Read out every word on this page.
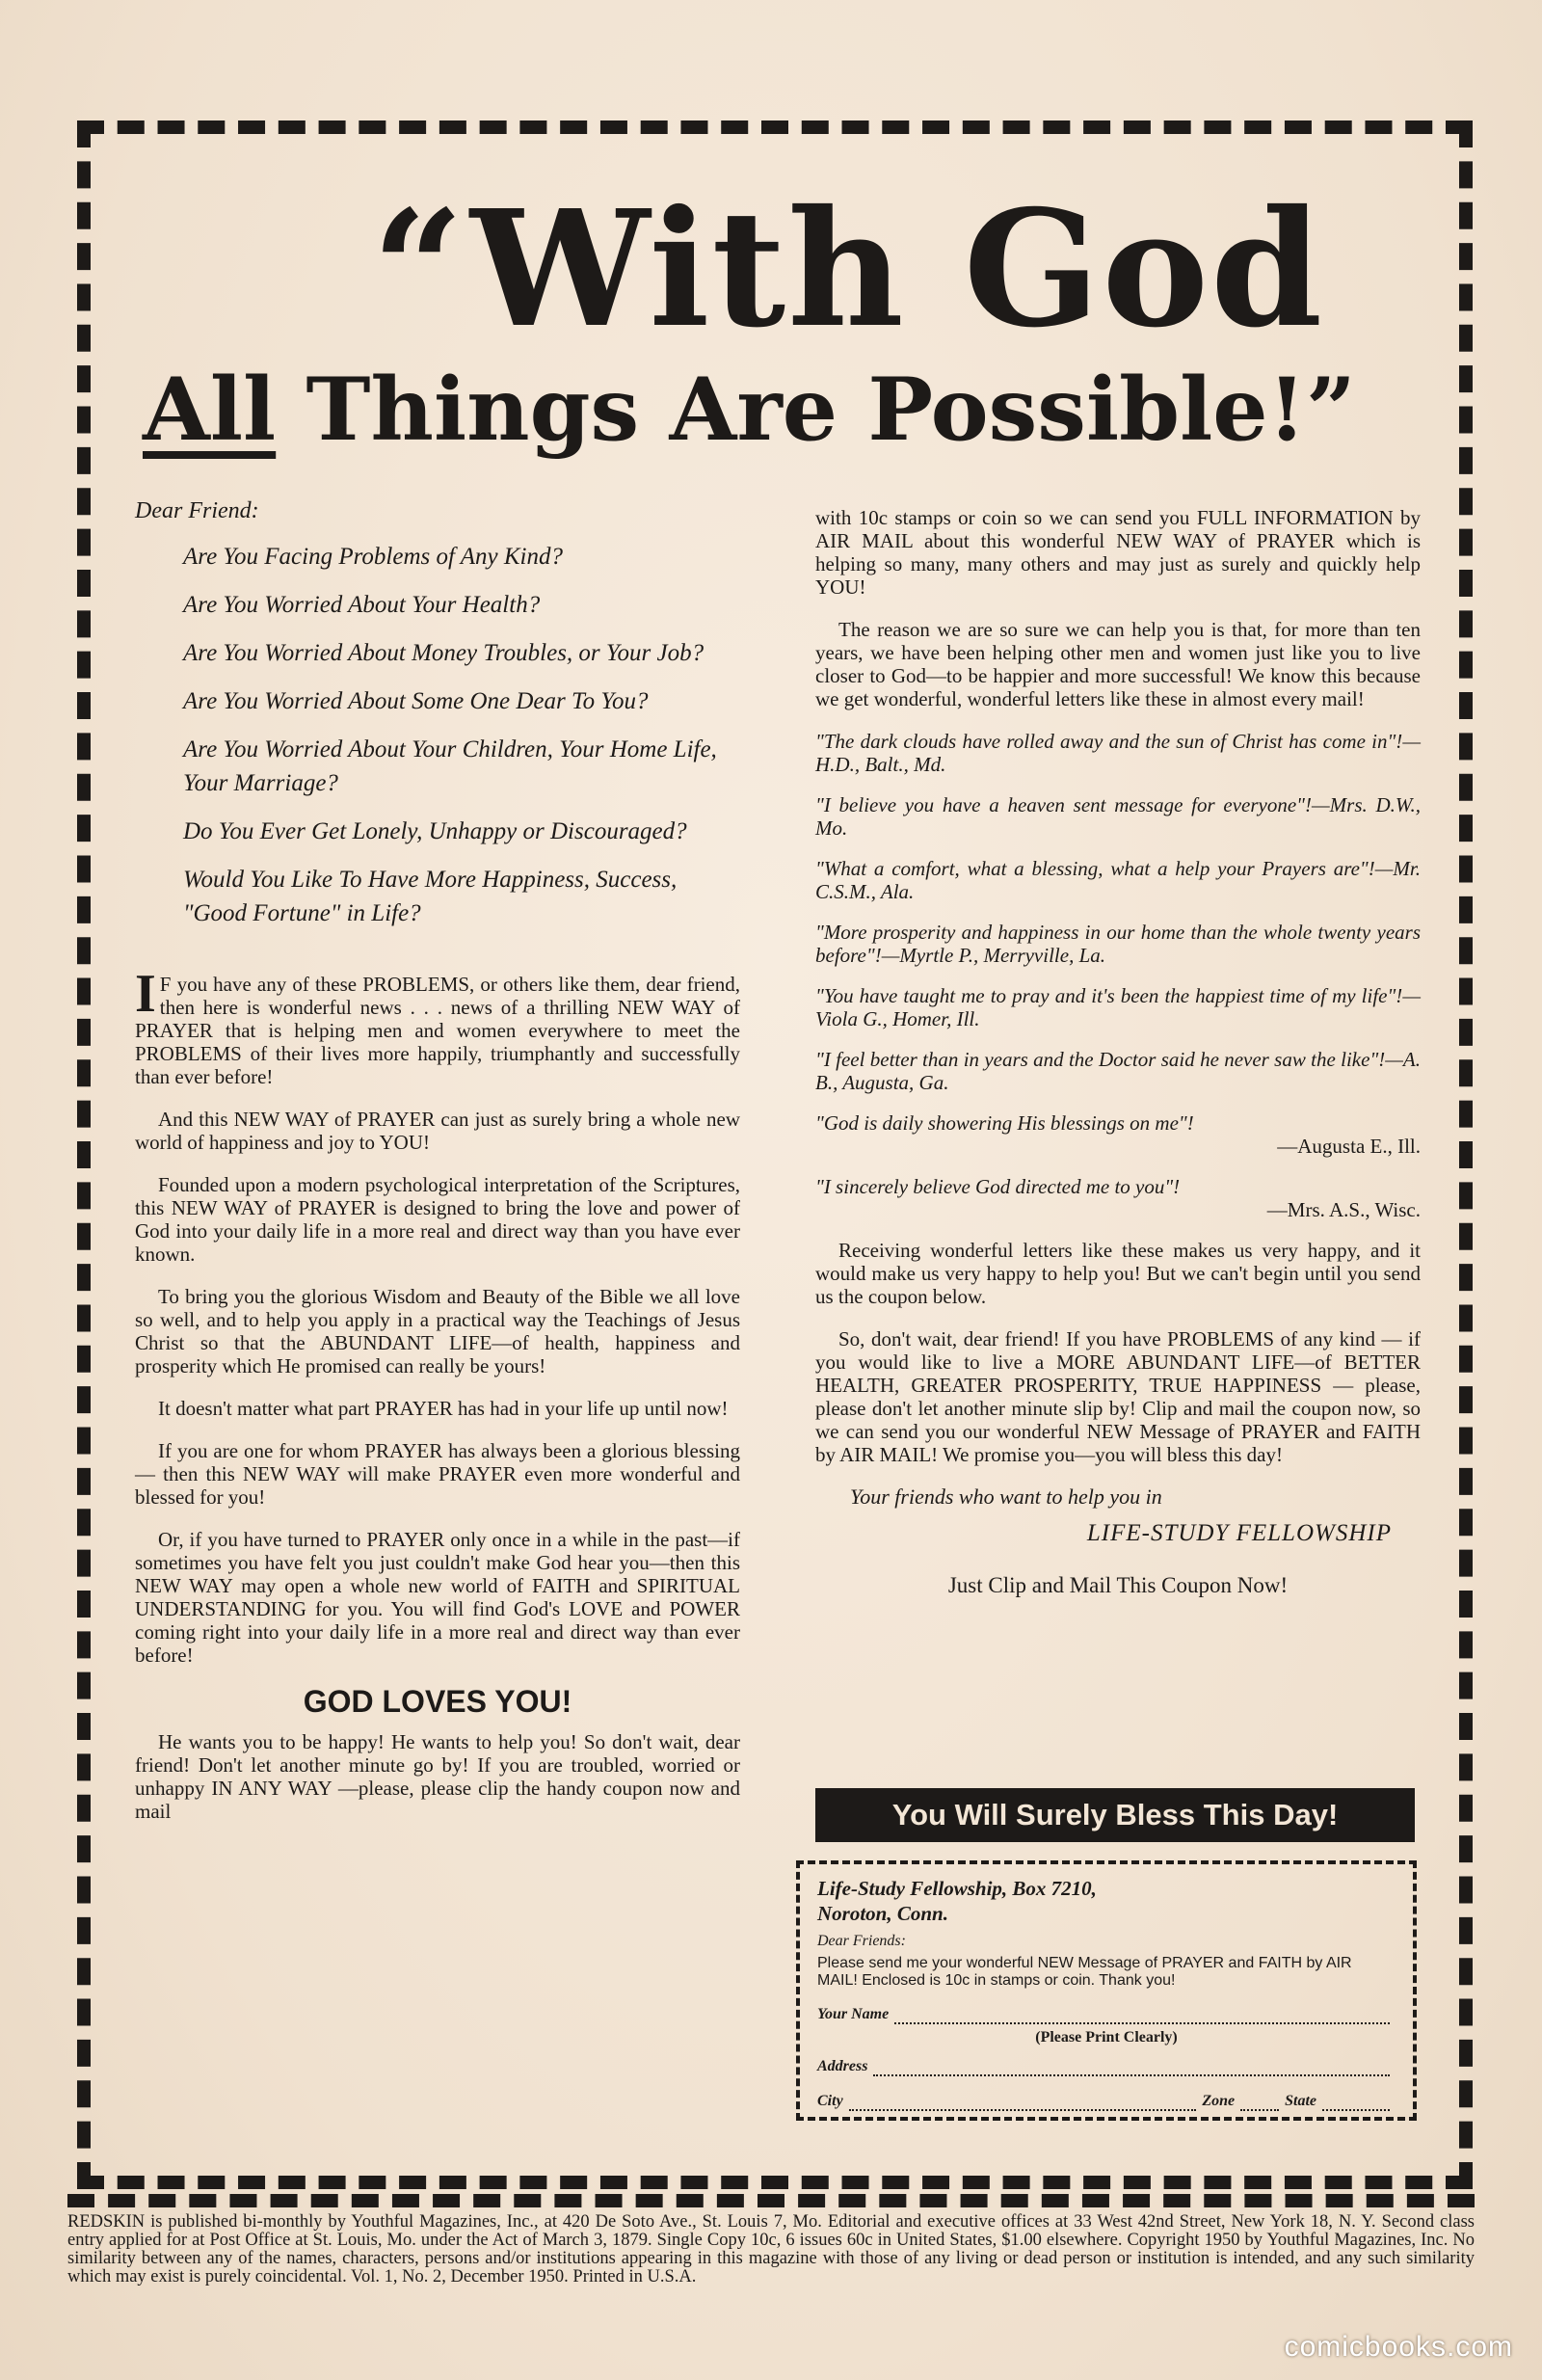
“With God
All Things Are Possible!”
Dear Friend:
Are You Facing Problems of Any Kind?
Are You Worried About Your Health?
Are You Worried About Money Troubles, or Your Job?
Are You Worried About Some One Dear To You?
Are You Worried About Your Children, Your Home Life, Your Marriage?
Do You Ever Get Lonely, Unhappy or Discouraged?
Would You Like To Have More Happiness, Success, "Good Fortune" in Life?

I F you have any of these PROBLEMS, or others like them, dear friend, then here is wonderful news . . . news of a thrilling NEW WAY of PRAYER that is helping men and women everywhere to meet the PROBLEMS of their lives more happily, triumphantly and successfully than ever before!

And this NEW WAY of PRAYER can just as surely bring a whole new world of happiness and joy to YOU!

Founded upon a modern psychological interpretation of the Scriptures, this NEW WAY of PRAYER is designed to bring the love and power of God into your daily life in a more real and direct way than you have ever known.

To bring you the glorious Wisdom and Beauty of the Bible we all love so well, and to help you apply in a practical way the Teachings of Jesus Christ so that the ABUNDANT LIFE—of health, happiness and prosperity which He promised can really be yours!

It doesn't matter what part PRAYER has had in your life up until now!

If you are one for whom PRAYER has always been a glorious blessing — then this NEW WAY will make PRAYER even more wonderful and blessed for you!

Or, if you have turned to PRAYER only once in a while in the past—if sometimes you have felt you just couldn't make God hear you—then this NEW WAY may open a whole new world of FAITH and SPIRITUAL UNDERSTANDING for you. You will find God's LOVE and POWER coming right into your daily life in a more real and direct way than ever before!

GOD LOVES YOU!

He wants you to be happy! He wants to help you! So don't wait, dear friend! Don't let another minute go by! If you are troubled, worried or unhappy IN ANY WAY —please, please clip the handy coupon now and mail

with 10c stamps or coin so we can send you FULL INFORMATION by AIR MAIL about this wonderful NEW WAY of PRAYER which is helping so many, many others and may just as surely and quickly help YOU!

The reason we are so sure we can help you is that, for more than ten years, we have been helping other men and women just like you to live closer to God—to be happier and more successful! We know this because we get wonderful, wonderful letters like these in almost every mail!

"The dark clouds have rolled away and the sun of Christ has come in"!—H.D., Balt., Md.
"I believe you have a heaven sent message for everyone"!—Mrs. D.W., Mo.
"What a comfort, what a blessing, what a help your Prayers are"!—Mr. C.S.M., Ala.
"More prosperity and happiness in our home than the whole twenty years before"!—Myrtle P., Merryville, La.
"You have taught me to pray and it's been the happiest time of my life"!—Viola G., Homer, Ill.
"I feel better than in years and the Doctor said he never saw the like"!—A. B., Augusta, Ga.
"God is daily showering His blessings on me"!
—Augusta E., Ill.
"I sincerely believe God directed me to you"!
—Mrs. A.S., Wisc.

Receiving wonderful letters like these makes us very happy, and it would make us very happy to help you! But we can't begin until you send us the coupon below.

So, don't wait, dear friend! If you have PROBLEMS of any kind — if you would like to live a MORE ABUNDANT LIFE—of BETTER HEALTH, GREATER PROSPERITY, TRUE HAPPINESS — please, please don't let another minute slip by! Clip and mail the coupon now, so we can send you our wonderful NEW Message of PRAYER and FAITH by AIR MAIL! We promise you—you will bless this day!

Your friends who want to help you in
LIFE-STUDY FELLOWSHIP
Just Clip and Mail This Coupon Now!
You Will Surely Bless This Day!
Life-Study Fellowship, Box 7210,
Noroton, Conn.
Dear Friends:
Please send me your wonderful NEW Message of PRAYER and FAITH by AIR MAIL! Enclosed is 10c in stamps or coin. Thank you!
Your Name
(Please Print Clearly)
Address
City	Zone	State
REDSKIN is published bi-monthly by Youthful Magazines, Inc., at 420 De Soto Ave., St. Louis 7, Mo. Editorial and executive offices at 33 West 42nd Street, New York 18, N. Y. Second class entry applied for at Post Office at St. Louis, Mo. under the Act of March 3, 1879. Single Copy 10c, 6 issues 60c in United States, $1.00 elsewhere. Copyright 1950 by Youthful Magazines, Inc. No similarity between any of the names, characters, persons and/or institutions appearing in this magazine with those of any living or dead person or institution is intended, and any such similarity which may exist is purely coincidental. Vol. 1, No. 2, December 1950. Printed in U.S.A.
comicbooks.com
